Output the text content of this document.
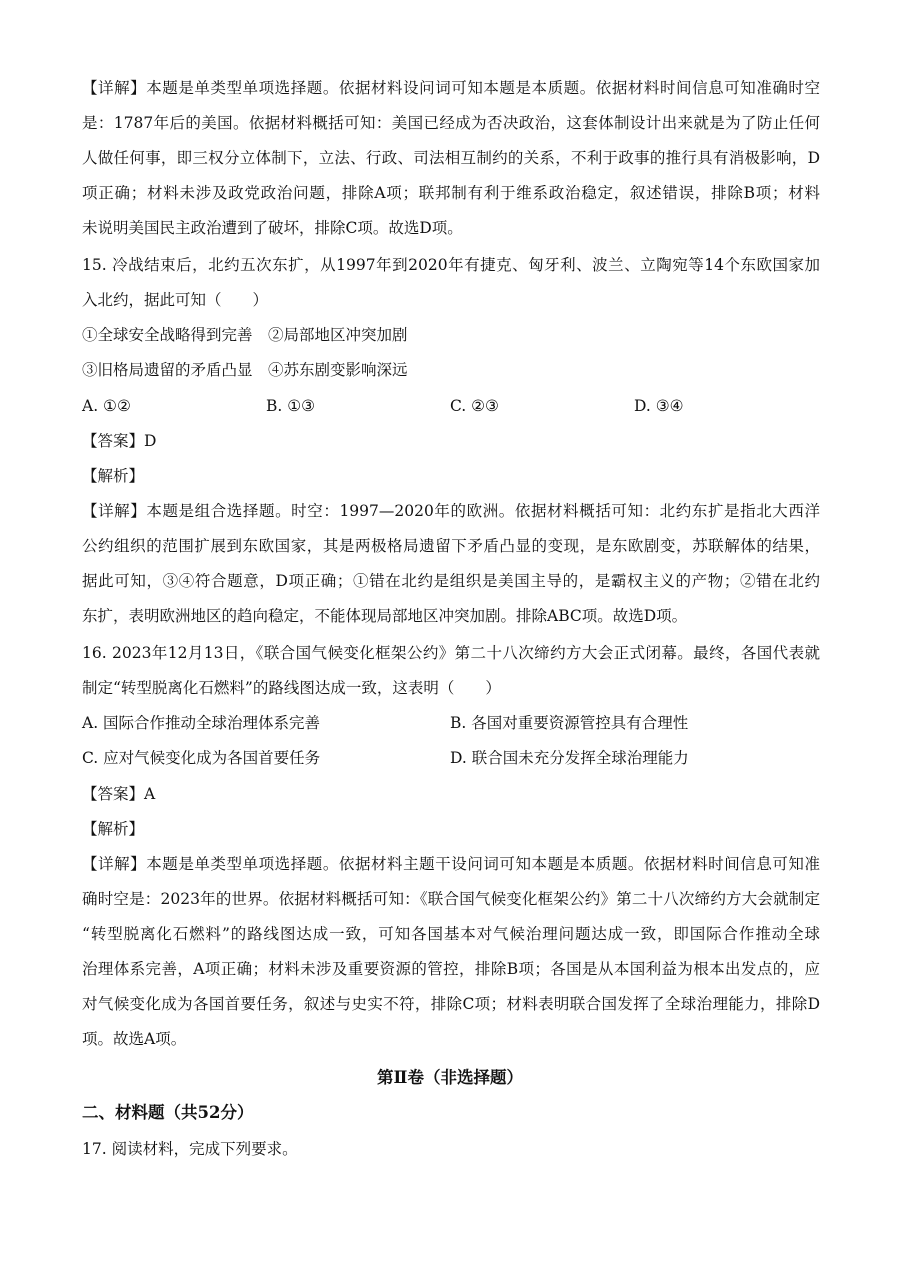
【详解】本题是单类型单项选择题。依据材料设问词可知本题是本质题。依据材料时间信息可知准确时空
是：1787年后的美国。依据材料概括可知：美国已经成为否决政治，这套体制设计出来就是为了防止任何
人做任何事，即三权分立体制下，立法、行政、司法相互制约的关系，不利于政事的推行具有消极影响，D
项正确；材料未涉及政党政治问题，排除A项；联邦制有利于维系政治稳定，叙述错误，排除B项；材料
未说明美国民主政治遭到了破坏，排除C项。故选D项。
15. 冷战结束后，北约五次东扩，从1997年到2020年有捷克、匈牙利、波兰、立陶宛等14个东欧国家加
入北约，据此可知（　　）
①全球安全战略得到完善　②局部地区冲突加剧
③旧格局遗留的矛盾凸显　④苏东剧变影响深远
A. ①②	B. ①③	C. ②③	D. ③④
【答案】D
【解析】
【详解】本题是组合选择题。时空：1997—2020年的欧洲。依据材料概括可知：北约东扩是指北大西洋
公约组织的范围扩展到东欧国家，其是两极格局遗留下矛盾凸显的变现，是东欧剧变，苏联解体的结果，
据此可知，③④符合题意，D项正确；①错在北约是组织是美国主导的，是霸权主义的产物；②错在北约
东扩，表明欧洲地区的趋向稳定，不能体现局部地区冲突加剧。排除ABC项。故选D项。
16. 2023年12月13日，《联合国气候变化框架公约》第二十八次缔约方大会正式闭幕。最终，各国代表就
制定“转型脱离化石燃料”的路线图达成一致，这表明（　　）
A. 国际合作推动全球治理体系完善	B. 各国对重要资源管控具有合理性
C. 应对气候变化成为各国首要任务	D. 联合国未充分发挥全球治理能力
【答案】A
【解析】
【详解】本题是单类型单项选择题。依据材料主题干设问词可知本题是本质题。依据材料时间信息可知准
确时空是：2023年的世界。依据材料概括可知：《联合国气候变化框架公约》第二十八次缔约方大会就制定
“转型脱离化石燃料”的路线图达成一致，可知各国基本对气候治理问题达成一致，即国际合作推动全球
治理体系完善，A项正确；材料未涉及重要资源的管控，排除B项；各国是从本国利益为根本出发点的，应
对气候变化成为各国首要任务，叙述与史实不符，排除C项；材料表明联合国发挥了全球治理能力，排除D
项。故选A项。
第Ⅱ卷（非选择题）
二、材料题（共52分）
17. 阅读材料，完成下列要求。
